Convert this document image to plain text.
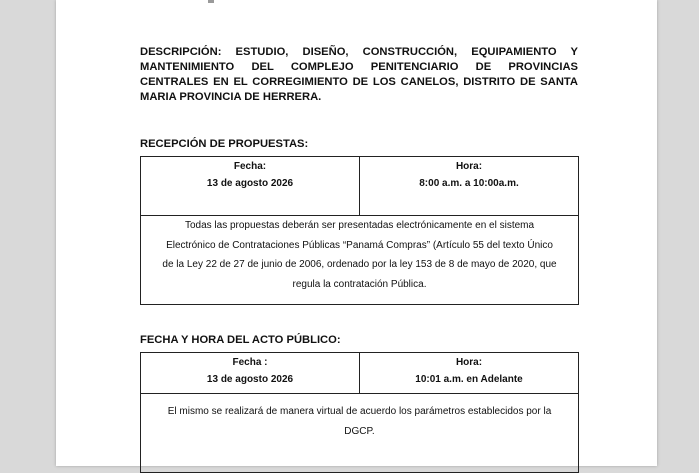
DESCRIPCIÓN: ESTUDIO, DISEÑO, CONSTRUCCIÓN, EQUIPAMIENTO Y MANTENIMIENTO DEL COMPLEJO PENITENCIARIO DE PROVINCIAS CENTRALES EN EL CORREGIMIENTO DE LOS CANELOS, DISTRITO DE SANTA MARIA PROVINCIA DE HERRERA.

RECEPCIÓN DE PROPUESTAS:

Fecha:
13 de agosto 2026

Hora:
8:00 a.m. a 10:00a.m.

Todas las propuestas deberán ser presentadas electrónicamente en el sistema
Electrónico de Contrataciones Públicas “Panamá Compras” (Artículo 55 del texto Único
de la Ley 22 de 27 de junio de 2006, ordenado por la ley 153 de 8 de mayo de 2020, que
regula la contratación Pública.

FECHA Y HORA DEL ACTO PÚBLICO:

Fecha :
13 de agosto 2026

Hora:
10:01 a.m. en Adelante

El mismo se realizará de manera virtual de acuerdo los parámetros establecidos por la
DGCP.
